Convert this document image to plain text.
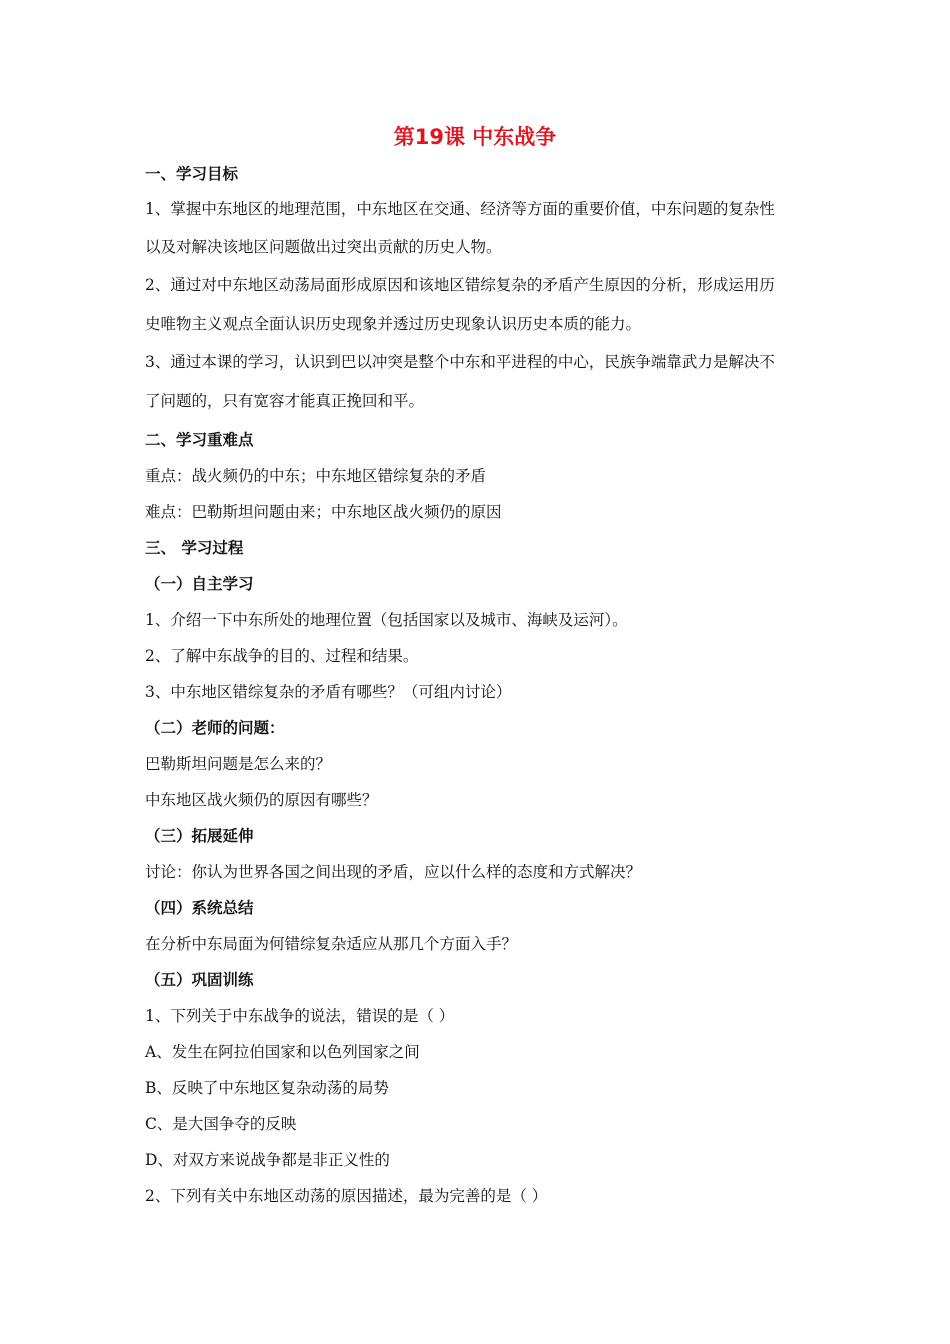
第19课 中东战争
一、学习目标
1、掌握中东地区的地理范围，中东地区在交通、经济等方面的重要价值，中东问题的复杂性
以及对解决该地区问题做出过突出贡献的历史人物。
2、通过对中东地区动荡局面形成原因和该地区错综复杂的矛盾产生原因的分析，形成运用历
史唯物主义观点全面认识历史现象并透过历史现象认识历史本质的能力。
3、通过本课的学习，认识到巴以冲突是整个中东和平进程的中心，民族争端靠武力是解决不
了问题的，只有宽容才能真正挽回和平。
二、学习重难点
重点：战火频仍的中东；中东地区错综复杂的矛盾
难点：巴勒斯坦问题由来；中东地区战火频仍的原因
三、 学习过程
（一）自主学习
1、介绍一下中东所处的地理位置（包括国家以及城市、海峡及运河）。
2、了解中东战争的目的、过程和结果。
3、中东地区错综复杂的矛盾有哪些？（可组内讨论）
（二）老师的问题：
巴勒斯坦问题是怎么来的？
中东地区战火频仍的原因有哪些？
（三）拓展延伸
讨论：你认为世界各国之间出现的矛盾，应以什么样的态度和方式解决？
（四）系统总结
在分析中东局面为何错综复杂适应从那几个方面入手？
（五）巩固训练
1、下列关于中东战争的说法，错误的是（ ）
A、发生在阿拉伯国家和以色列国家之间
B、反映了中东地区复杂动荡的局势
C、是大国争夺的反映
D、对双方来说战争都是非正义性的
2、下列有关中东地区动荡的原因描述，最为完善的是（ ）
